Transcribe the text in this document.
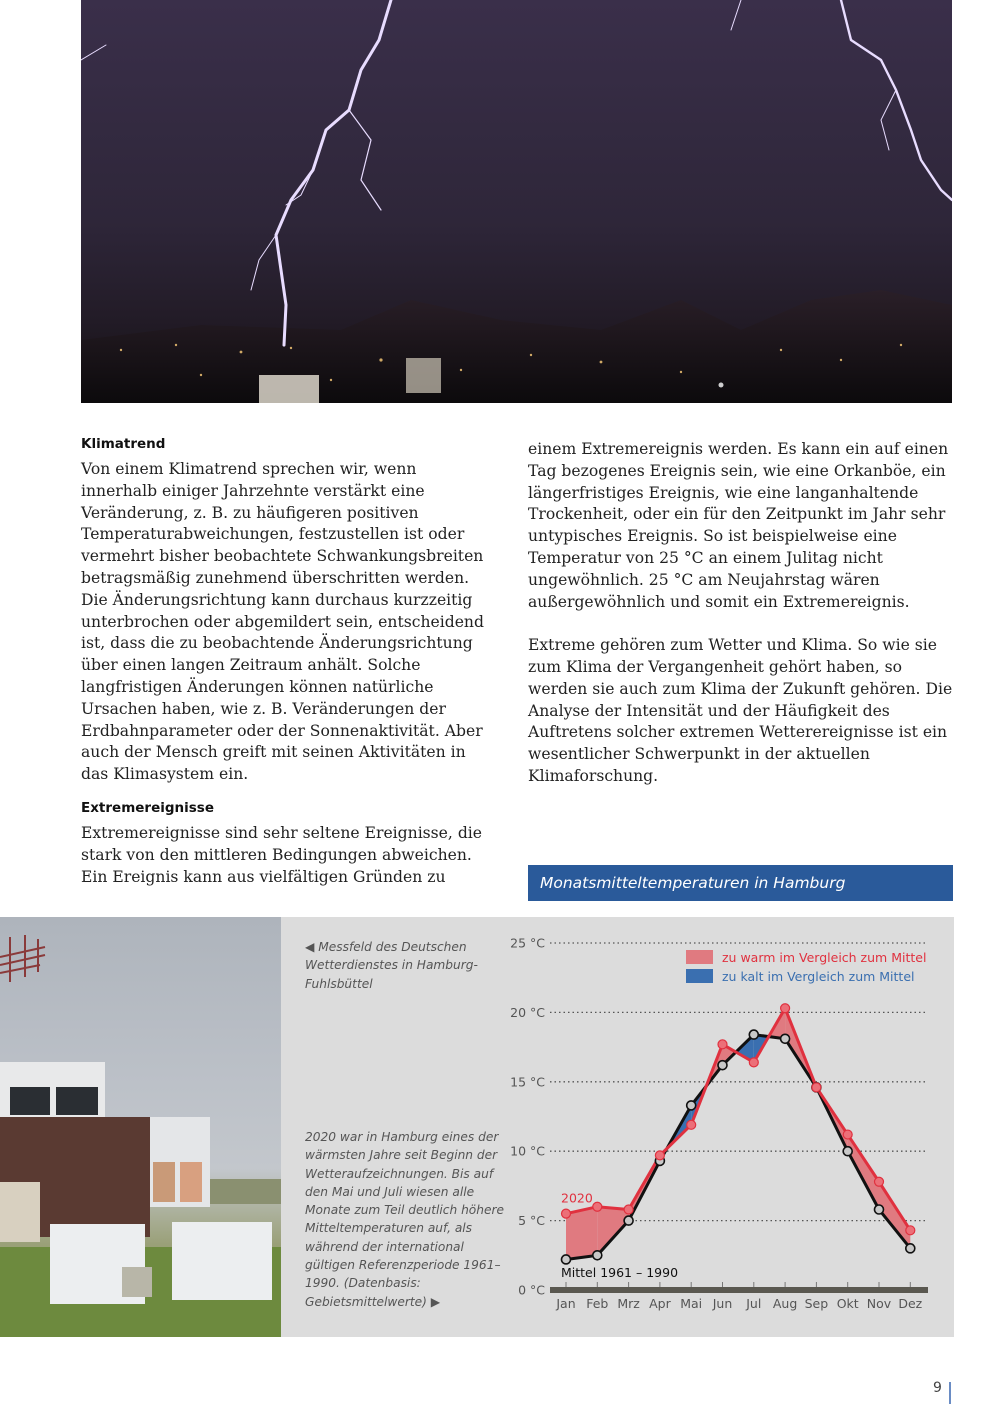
Klimatrend

Von einem Klimatrend sprechen wir, wenn innerhalb einiger Jahrzehnte verstärkt eine Veränderung, z. B. zu häufigeren positiven Temperaturabweichungen, festzustellen ist oder vermehrt bisher beobachtete Schwankungsbreiten betragsmäßig zunehmend überschritten werden. Die Änderungsrichtung kann durchaus kurzzeitig unterbrochen oder abgemildert sein, entscheidend ist, dass die zu beobachtende Änderungsrichtung über einen langen Zeitraum anhält. Solche langfristigen Änderungen können natürliche Ursachen haben, wie z. B. Veränderungen der Erdbahnparameter oder der Sonnenaktivität. Aber auch der Mensch greift mit seinen Aktivitäten in das Klimasystem ein.

Extremereignisse

Extremereignisse sind sehr seltene Ereignisse, die stark von den mittleren Bedingungen abweichen. Ein Ereignis kann aus vielfältigen Gründen zu

einem Extremereignis werden. Es kann ein auf einen Tag bezogenes Ereignis sein, wie eine Orkanböe, ein längerfristiges Ereignis, wie eine langanhaltende Trockenheit, oder ein für den Zeitpunkt im Jahr sehr untypisches Ereignis. So ist beispielweise eine Temperatur von 25 °C an einem Julitag nicht ungewöhnlich. 25 °C am Neujahrstag wären außergewöhnlich und somit ein Extremereignis.

Extreme gehören zum Wetter und Klima. So wie sie zum Klima der Vergangenheit gehört haben, so werden sie auch zum Klima der Zukunft gehören. Die Analyse der Intensität und der Häufigkeit des Auftretens solcher extremen Wetterereignisse ist ein wesentlicher Schwerpunkt in der aktuellen Klimaforschung.

Monatsmitteltemperaturen in Hamburg
◀ Messfeld des Deutschen Wetterdienstes in Hamburg-Fuhlsbüttel
2020 war in Hamburg eines der wärmsten Jahre seit Beginn der Wetteraufzeichnungen. Bis auf den Mai und Juli wiesen alle Monate zum Teil deutlich höhere Mitteltemperaturen auf, als während der international gültigen Referenzperiode 1961–1990. (Datenbasis: Gebietsmittelwerte) ▶
0 °C
5 °C
10 °C
15 °C
20 °C
25 °C
Jan Feb Mrz Apr Mai Jun Jul Aug Sep Okt Nov Dez
2020
Mittel 1961 – 1990
zu warm im Vergleich zum Mittel
zu kalt im Vergleich zum Mittel
9
